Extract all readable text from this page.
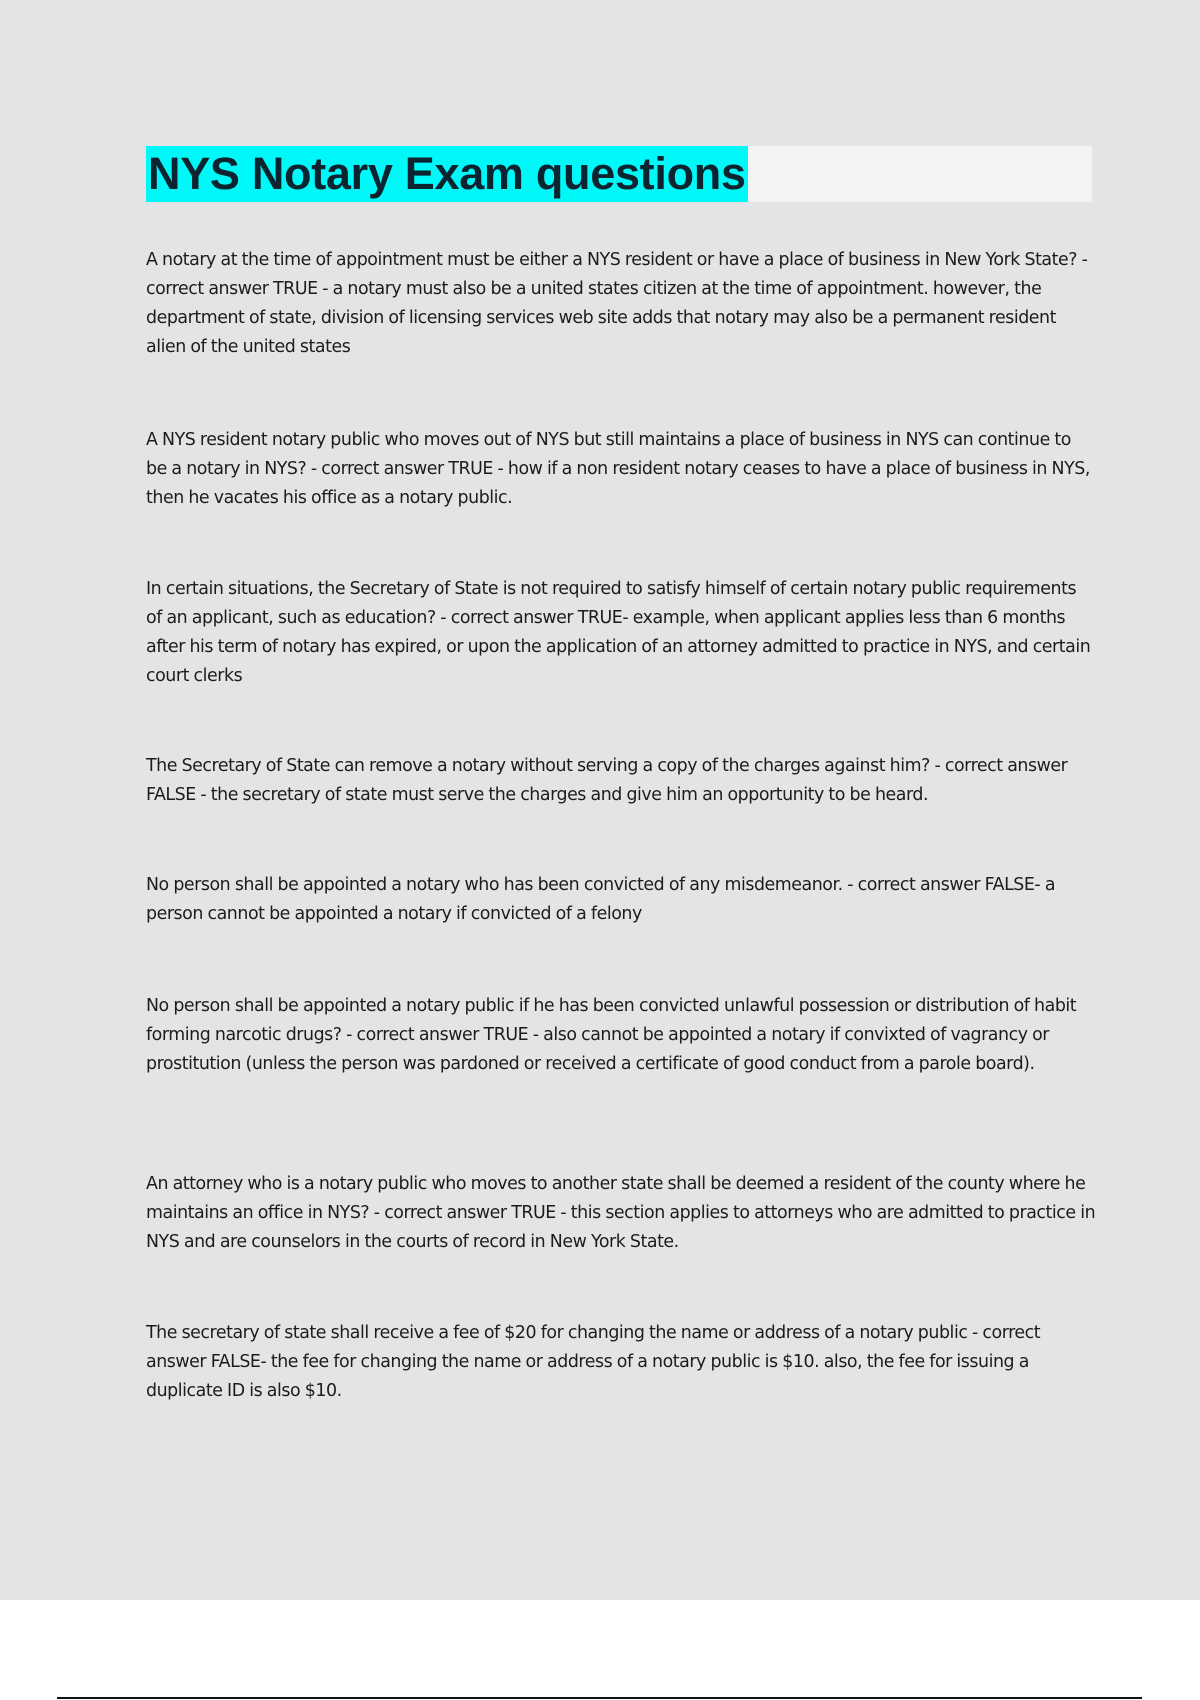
NYS Notary Exam questions

A notary at the time of appointment must be either a NYS resident or have a place of business in New York State? - correct answer TRUE - a notary must also be a united states citizen at the time of appointment. however, the department of state, division of licensing services web site adds that notary may also be a permanent resident alien of the united states

A NYS resident notary public who moves out of NYS but still maintains a place of business in NYS can continue to be a notary in NYS? - correct answer TRUE - how if a non resident notary ceases to have a place of business in NYS, then he vacates his office as a notary public.

In certain situations, the Secretary of State is not required to satisfy himself of certain notary public requirements of an applicant, such as education? - correct answer TRUE- example, when applicant applies less than 6 months after his term of notary has expired, or upon the application of an attorney admitted to practice in NYS, and certain court clerks

The Secretary of State can remove a notary without serving a copy of the charges against him? - correct answer FALSE - the secretary of state must serve the charges and give him an opportunity to be heard.

No person shall be appointed a notary who has been convicted of any misdemeanor. - correct answer FALSE- a person cannot be appointed a notary if convicted of a felony

No person shall be appointed a notary public if he has been convicted unlawful possession or distribution of habit forming narcotic drugs? - correct answer TRUE - also cannot be appointed a notary if convixted of vagrancy or prostitution (unless the person was pardoned or received a certificate of good conduct from a parole board).

An attorney who is a notary public who moves to another state shall be deemed a resident of the county where he maintains an office in NYS? - correct answer TRUE - this section applies to attorneys who are admitted to practice in NYS and are counselors in the courts of record in New York State.

The secretary of state shall receive a fee of $20 for changing the name or address of a notary public - correct answer FALSE- the fee for changing the name or address of a notary public is $10. also, the fee for issuing a duplicate ID is also $10.
